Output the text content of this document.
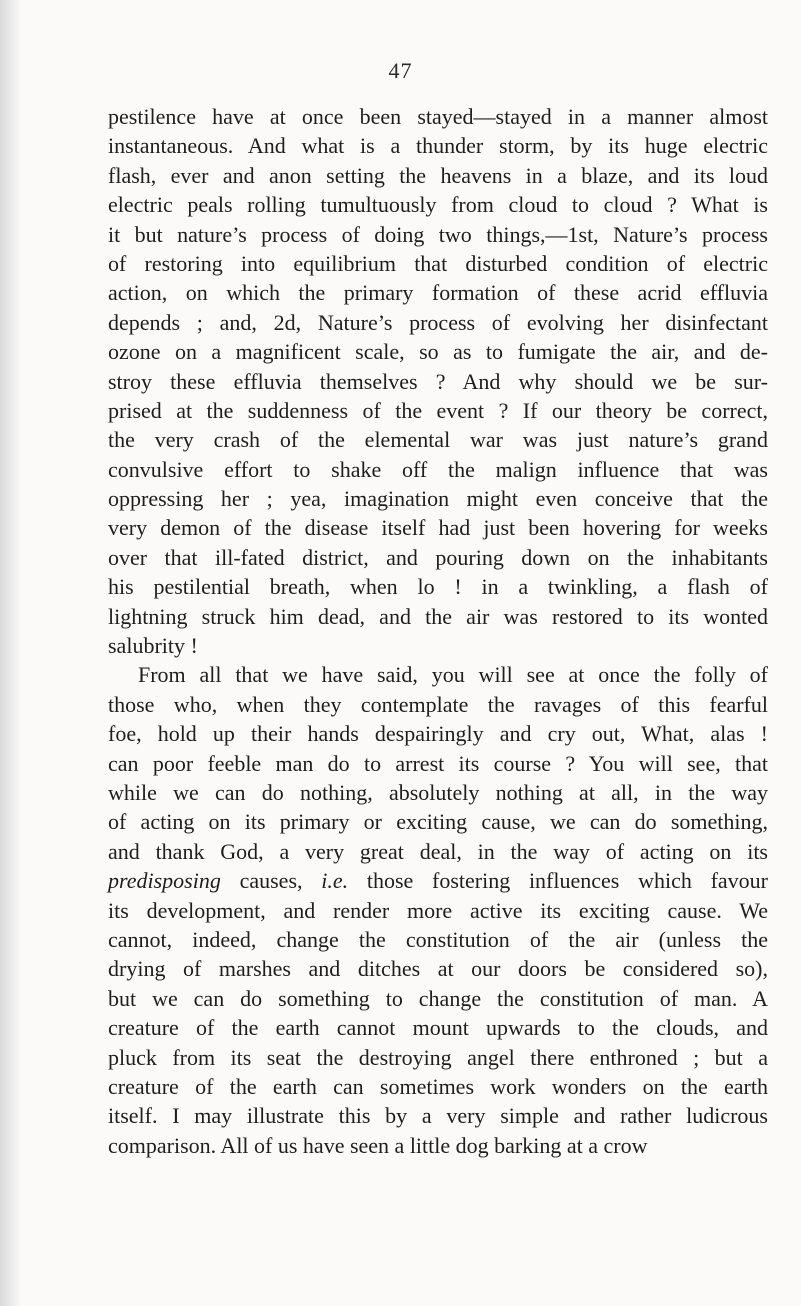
47
pestilence have at once been stayed—stayed in a manner almost
instantaneous. And what is a thunder storm, by its huge electric
flash, ever and anon setting the heavens in a blaze, and its loud
electric peals rolling tumultuously from cloud to cloud ? What is
it but nature’s process of doing two things,—1st, Nature’s process
of restoring into equilibrium that disturbed condition of electric
action, on which the primary formation of these acrid effluvia
depends ; and, 2d, Nature’s process of evolving her disinfectant
ozone on a magnificent scale, so as to fumigate the air, and de-
stroy these effluvia themselves ? And why should we be sur-
prised at the suddenness of the event ? If our theory be correct,
the very crash of the elemental war was just nature’s grand
convulsive effort to shake off the malign influence that was
oppressing her ; yea, imagination might even conceive that the
very demon of the disease itself had just been hovering for weeks
over that ill-fated district, and pouring down on the inhabitants
his pestilential breath, when lo ! in a twinkling, a flash of
lightning struck him dead, and the air was restored to its wonted
salubrity !
From all that we have said, you will see at once the folly of
those who, when they contemplate the ravages of this fearful
foe, hold up their hands despairingly and cry out, What, alas !
can poor feeble man do to arrest its course ? You will see, that
while we can do nothing, absolutely nothing at all, in the way
of acting on its primary or exciting cause, we can do something,
and thank God, a very great deal, in the way of acting on its
predisposing causes, i.e. those fostering influences which favour
its development, and render more active its exciting cause. We
cannot, indeed, change the constitution of the air (unless the
drying of marshes and ditches at our doors be considered so),
but we can do something to change the constitution of man. A
creature of the earth cannot mount upwards to the clouds, and
pluck from its seat the destroying angel there enthroned ; but a
creature of the earth can sometimes work wonders on the earth
itself. I may illustrate this by a very simple and rather ludicrous
comparison. All of us have seen a little dog barking at a crow
